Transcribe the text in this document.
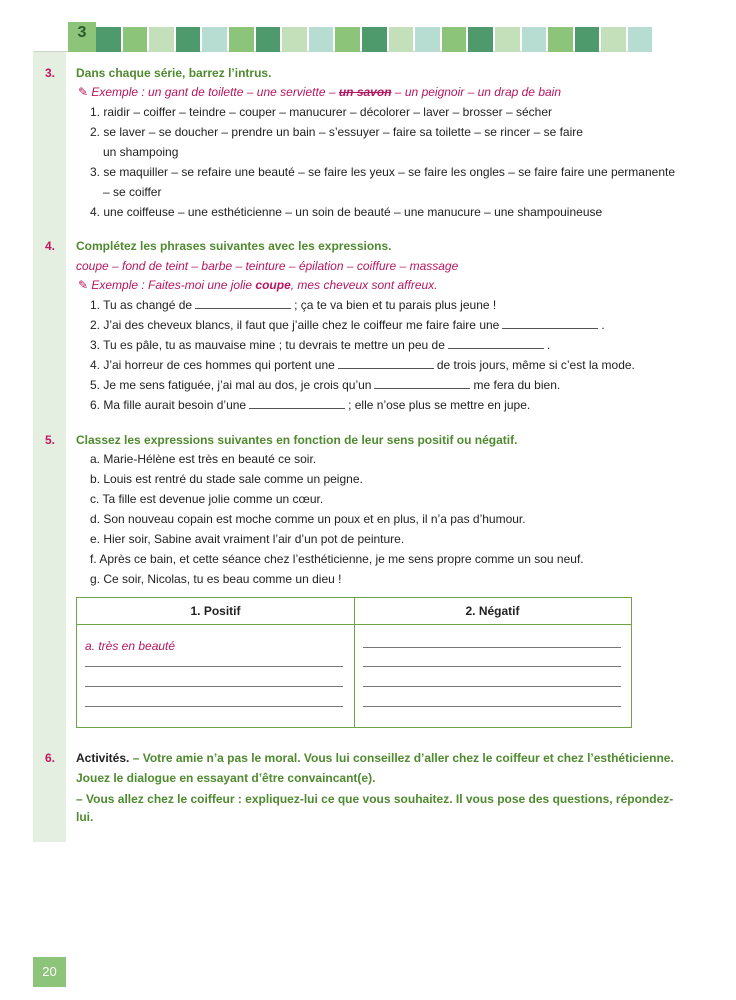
3
3. Dans chaque série, barrez l’intrus.
✎ Exemple : un gant de toilette – une serviette – un savon – un peignoir – un drap de bain
1. raidir – coiffer – teindre – couper – manucurer – décolorer – laver – brosser – sécher
2. se laver – se doucher – prendre un bain – s’essuyer – faire sa toilette – se rincer – se faire
un shampoing
3. se maquiller – se refaire une beauté – se faire les yeux – se faire les ongles – se faire faire une permanente
– se coiffer
4. une coiffeuse – une esthéticienne – un soin de beauté – une manucure – une shampouineuse
4. Complétez les phrases suivantes avec les expressions.
coupe – fond de teint – barbe – teinture – épilation – coiffure – massage
✎ Exemple : Faites-moi une jolie coupe, mes cheveux sont affreux.
1. Tu as changé de	; ça te va bien et tu parais plus jeune !
2. J’ai des cheveux blancs, il faut que j’aille chez le coiffeur me faire faire une	.
3. Tu es pâle, tu as mauvaise mine ; tu devrais te mettre un peu de	.
4. J’ai horreur de ces hommes qui portent une	de trois jours, même si c’est la mode.
5. Je me sens fatiguée, j’ai mal au dos, je crois qu’un	me fera du bien.
6. Ma fille aurait besoin d’une	; elle n’ose plus se mettre en jupe.
5. Classez les expressions suivantes en fonction de leur sens positif ou négatif.
a. Marie-Hélène est très en beauté ce soir.
b. Louis est rentré du stade sale comme un peigne.
c. Ta fille est devenue jolie comme un cœur.
d. Son nouveau copain est moche comme un poux et en plus, il n’a pas d’humour.
e. Hier soir, Sabine avait vraiment l’air d’un pot de peinture.
f. Après ce bain, et cette séance chez l’esthéticienne, je me sens propre comme un sou neuf.
g. Ce soir, Nicolas, tu es beau comme un dieu !
1. Positif	2. Négatif
a. très en beauté
6. Activités. – Votre amie n’a pas le moral. Vous lui conseillez d’aller chez le coiffeur et chez l’esthéticienne.
Jouez le dialogue en essayant d’être convaincant(e).
– Vous allez chez le coiffeur : expliquez-lui ce que vous souhaitez. Il vous pose des questions, répondez-
lui.
20
